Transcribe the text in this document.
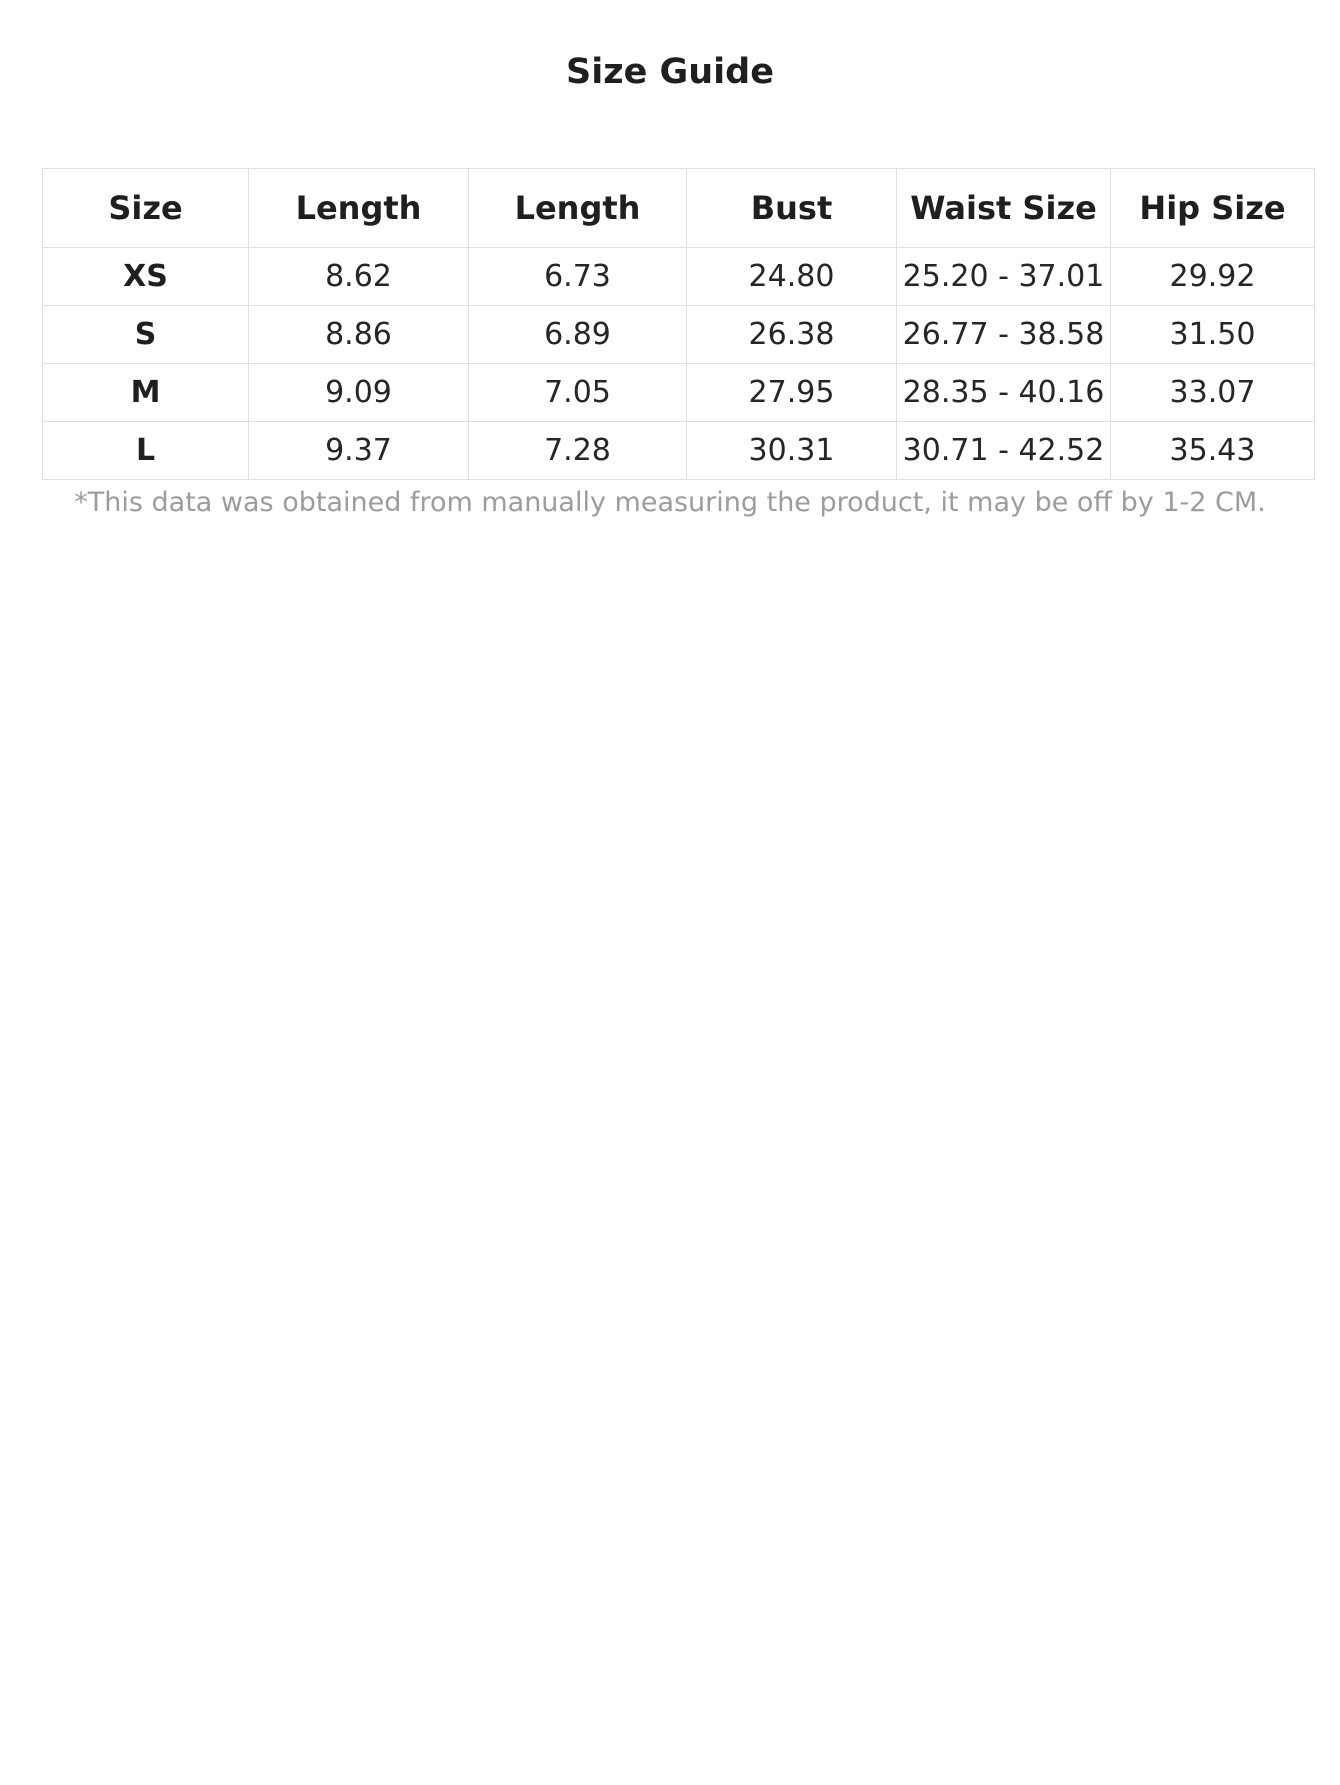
Size Guide
Size	Length	Length	Bust	Waist Size	Hip Size
XS	8.62	6.73	24.80	25.20 - 37.01	29.92
S	8.86	6.89	26.38	26.77 - 38.58	31.50
M	9.09	7.05	27.95	28.35 - 40.16	33.07
L	9.37	7.28	30.31	30.71 - 42.52	35.43

*This data was obtained from manually measuring the product, it may be off by 1-2 CM.
